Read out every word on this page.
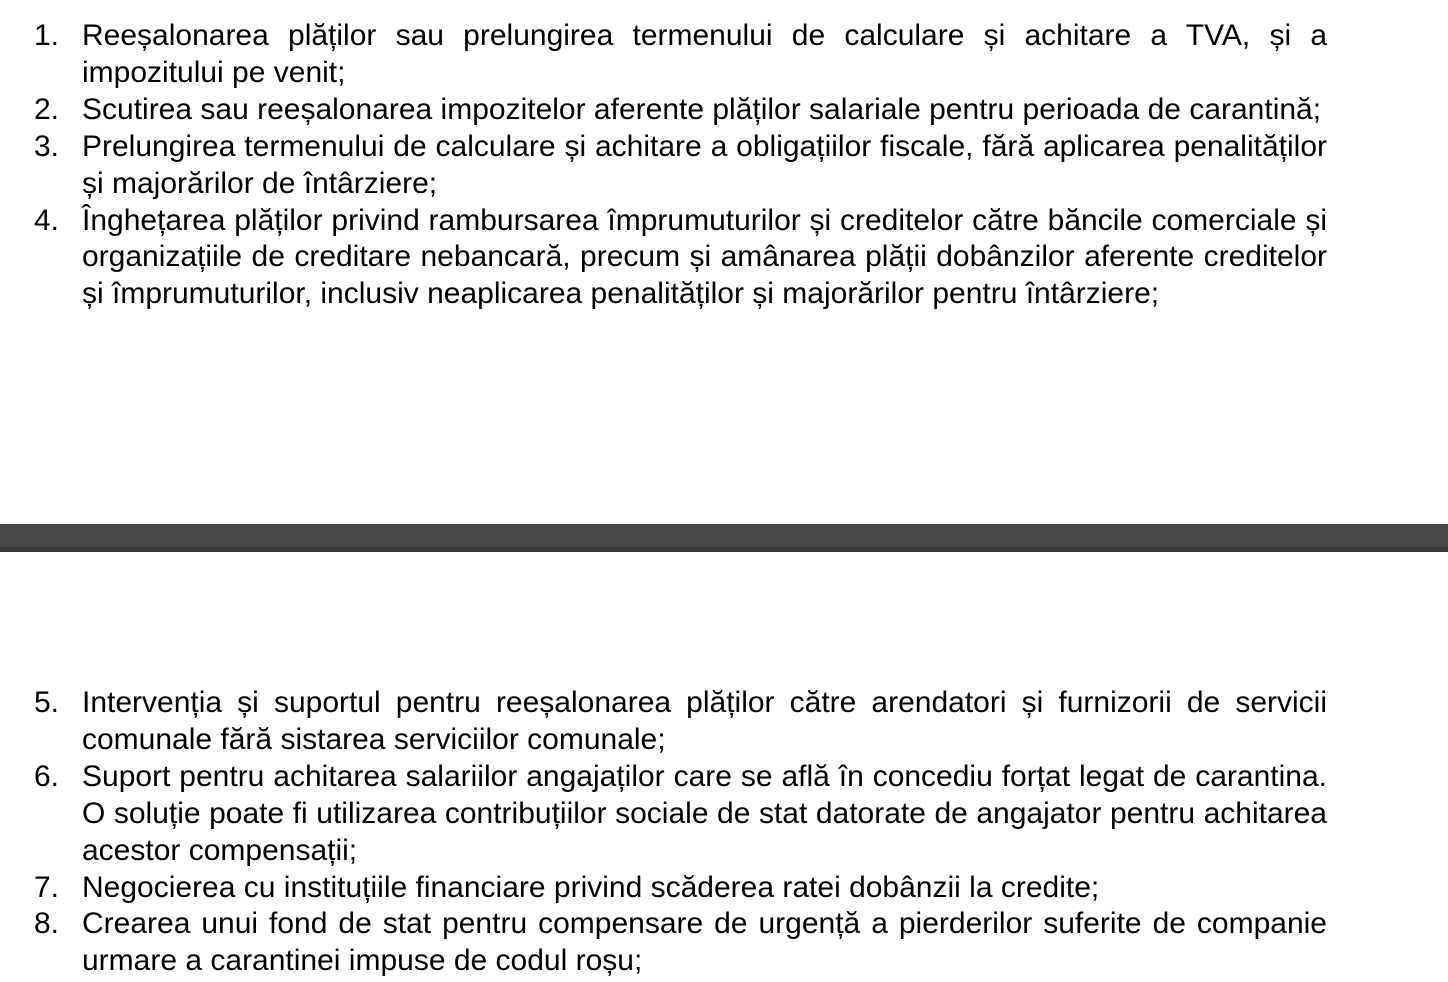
1. Reeșalonarea plăților sau prelungirea termenului de calculare și achitare a TVA, și a impozitului pe venit;
2. Scutirea sau reeșalonarea impozitelor aferente plăților salariale pentru perioada de carantină;
3. Prelungirea termenului de calculare și achitare a obligațiilor fiscale, fără aplicarea penalităților și majorărilor de întârziere;
4. Înghețarea plăților privind rambursarea împrumuturilor și creditelor către băncile comerciale și organizațiile de creditare nebancară, precum și amânarea plății dobânzilor aferente creditelor și împrumuturilor, inclusiv neaplicarea penalităților și majorărilor pentru întârziere;
5. Intervenția și suportul pentru reeșalonarea plăților către arendatori și furnizorii de servicii comunale fără sistarea serviciilor comunale;
6. Suport pentru achitarea salariilor angajaților care se află în concediu forțat legat de carantina. O soluție poate fi utilizarea contribuțiilor sociale de stat datorate de angajator pentru achitarea acestor compensații;
7. Negocierea cu instituțiile financiare privind scăderea ratei dobânzii la credite;
8. Crearea unui fond de stat pentru compensare de urgență a pierderilor suferite de companie urmare a carantinei impuse de codul roșu;
